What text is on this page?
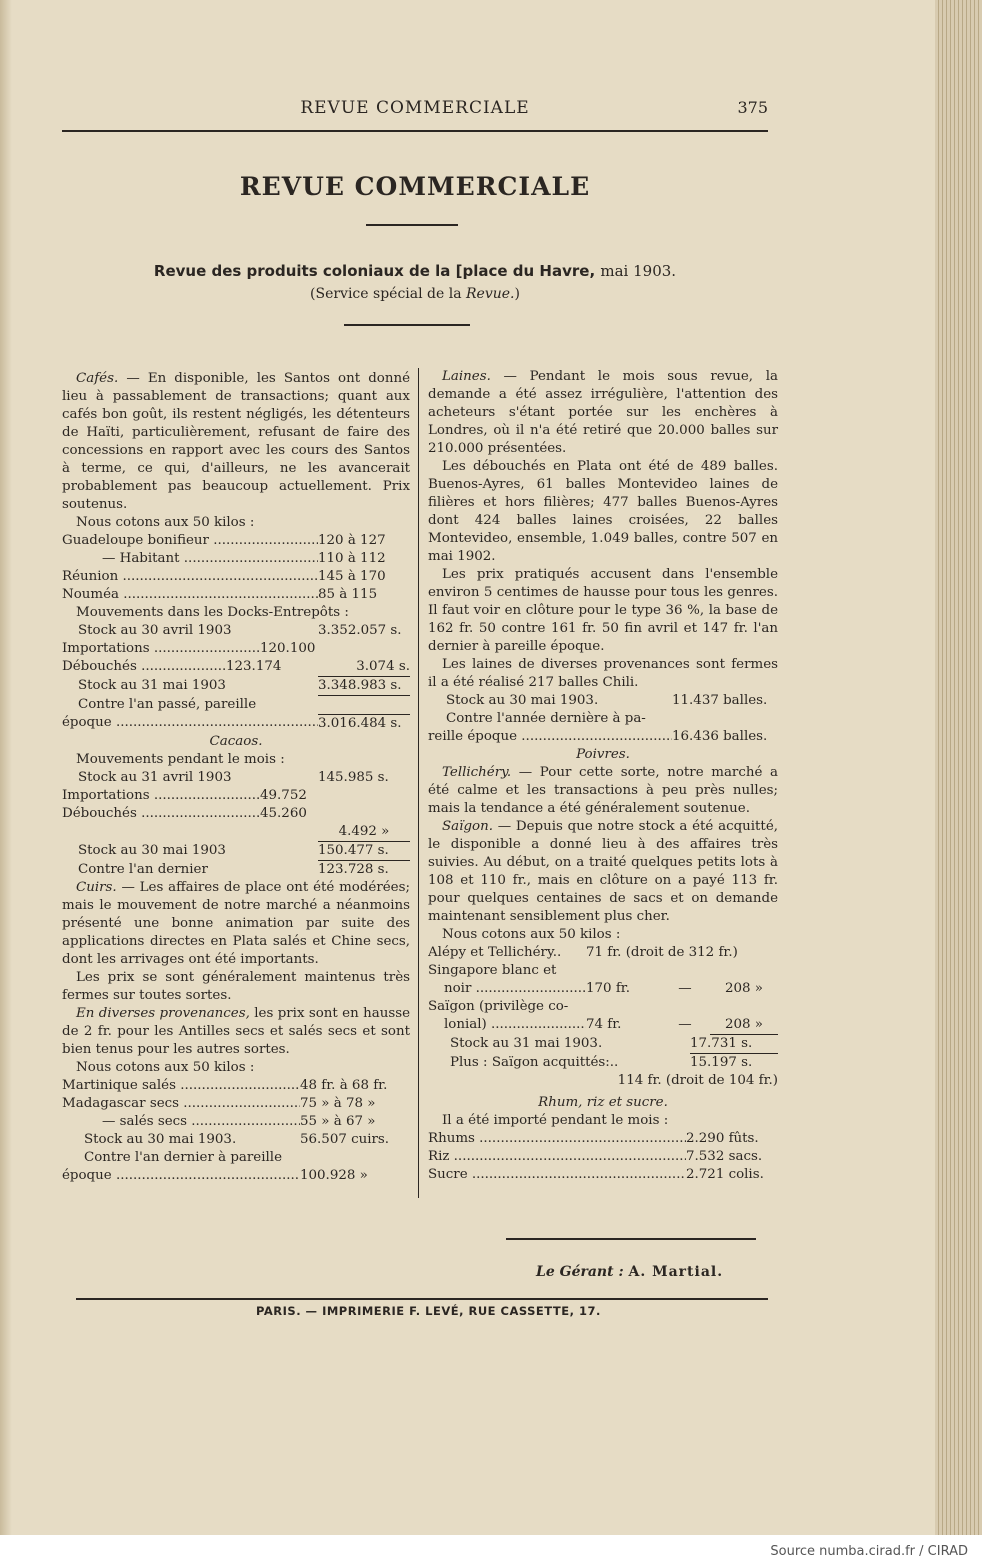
REVUE COMMERCIALE	375
REVUE COMMERCIALE
Revue des produits coloniaux de la [place du Havre, mai 1903.
(Service spécial de la Revue.)

Cafés. — En disponible, les Santos ont donné lieu à passablement de transactions; quant aux cafés bon goût, ils restent négligés, les détenteurs de Haïti, particulièrement, refusant de faire des concessions en rapport avec les cours des Santos à terme, ce qui, d'ailleurs, ne les avancerait probablement pas beaucoup actuellement. Prix soutenus.

Nous cotons aux 50 kilos :

Guadeloupe bonifieur .....	120 à 127
— Habitant .....	110 à 112
Réunion .....	145 à 170
Nouméa .....	85 à 115

Mouvements dans les Docks-Entrepôts :

Stock au 30 avril 1903	3.352.057 s.
Importations .....	120.100
Débouchés .....	123.174	3.074 s.
Stock au 31 mai 1903	3.348.983 s.

Contre l'an passé, pareille

époque .....	3.016.484 s.
Cacaos.

Mouvements pendant le mois :

Stock au 31 avril 1903	145.985 s.
Importations .....	49.752
Débouchés .....	45.260
4.492 »
Stock au 30 mai 1903	150.477 s.
Contre l'an dernier	123.728 s.

Cuirs. — Les affaires de place ont été modérées; mais le mouvement de notre marché a néanmoins présenté une bonne animation par suite des applications directes en Plata salés et Chine secs, dont les arrivages ont été importants.

Les prix se sont généralement maintenus très fermes sur toutes sortes.

En diverses provenances, les prix sont en hausse de 2 fr. pour les Antilles secs et salés secs et sont bien tenus pour les autres sortes.

Nous cotons aux 50 kilos :

Martinique salés .....	48 fr. à 68 fr.
Madagascar secs .....	75 » à 78 »
— salés secs .....	55 » à 67 »
Stock au 30 mai 1903.	56.507 cuirs.

Contre l'an dernier à pareille

époque .....	100.928 »

Laines. — Pendant le mois sous revue, la demande a été assez irrégulière, l'attention des acheteurs s'étant portée sur les enchères à Londres, où il n'a été retiré que 20.000 balles sur 210.000 présentées.

Les débouchés en Plata ont été de 489 balles. Buenos-Ayres, 61 balles Montevideo laines de filières et hors filières; 477 balles Buenos-Ayres dont 424 balles laines croisées, 22 balles Montevideo, ensemble, 1.049 balles, contre 507 en mai 1902.

Les prix pratiqués accusent dans l'ensemble environ 5 centimes de hausse pour tous les genres. Il faut voir en clôture pour le type 36 %, la base de 162 fr. 50 contre 161 fr. 50 fin avril et 147 fr. l'an dernier à pareille époque.

Les laines de diverses provenances sont fermes il a été réalisé 217 balles Chili.

Stock au 30 mai 1903.	11.437 balles.

Contre l'année dernière à pa-

reille époque .....	16.436 balles.
Poivres.

Tellichéry. — Pour cette sorte, notre marché a été calme et les transactions à peu près nulles; mais la tendance a été généralement soutenue.

Saïgon. — Depuis que notre stock a été acquitté, le disponible a donné lieu à des affaires très suivies. Au début, on a traité quelques petits lots à 108 et 110 fr., mais en clôture on a payé 113 fr. pour quelques centaines de sacs et on demande maintenant sensiblement plus cher.

Nous cotons aux 50 kilos :

Alépy et Tellichéry..	71 fr. (droit de 312 fr.)
Singapore blanc et
noir .....	170 fr.	—	208 »
Saïgon (privilège co-
lonial) .....	74 fr.	—	208 »
Stock au 31 mai 1903.	17.731 s.
Plus : Saïgon acquittés:..	15.197 s.
114 fr. (droit de 104 fr.)
Rhum, riz et sucre.

Il a été importé pendant le mois :

Rhums .....	2.290 fûts.
Riz .....	7.532 sacs.
Sucre .....	2.721 colis.
Le Gérant : A. Martial.
PARIS. — IMPRIMERIE F. LEVÉ, RUE CASSETTE, 17.
Source numba.cirad.fr / CIRAD
